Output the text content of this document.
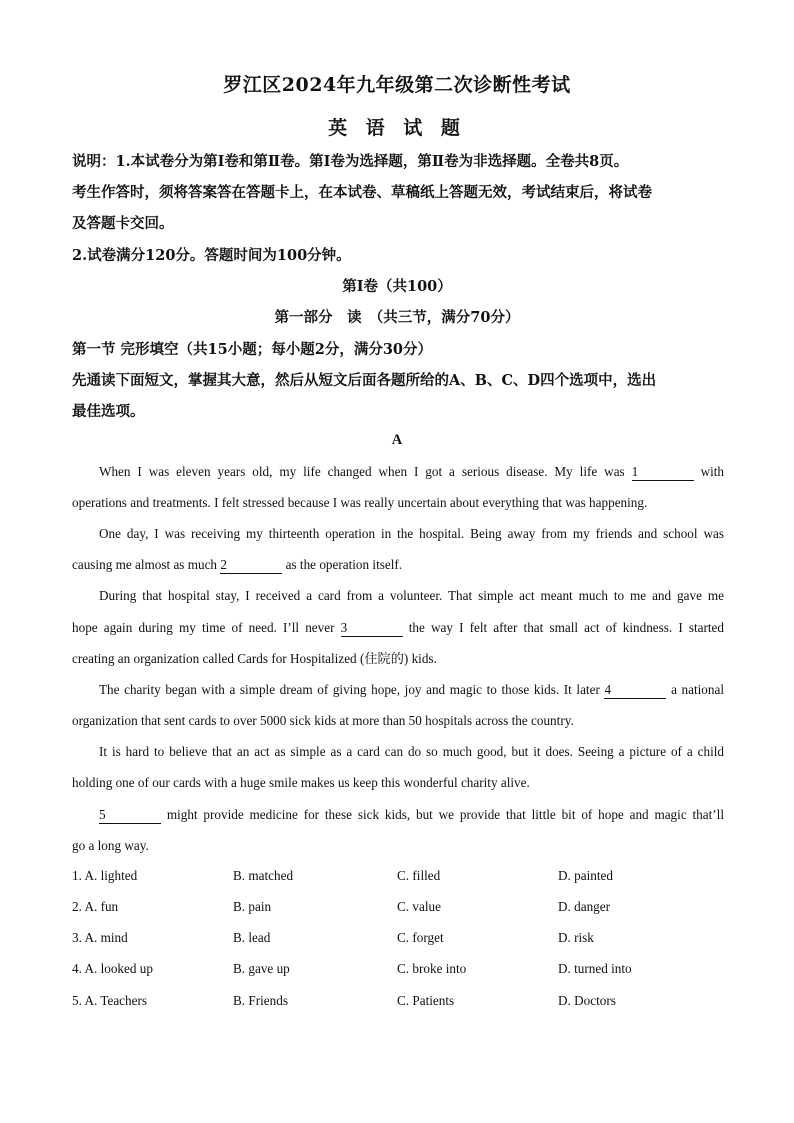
罗江区2024年九年级第二次诊断性考试
英 语 试 题
说明：1.本试卷分为第Ⅰ卷和第Ⅱ卷。第Ⅰ卷为选择题，第Ⅱ卷为非选择题。全卷共8页。
考生作答时，须将答案答在答题卡上，在本试卷、草稿纸上答题无效，考试结束后，将试卷
及答题卡交回。
2.试卷满分120分。答题时间为100分钟。
第Ⅰ卷（共100）
第一部分　读　（共三节，满分70分）
第一节 完形填空（共15小题；每小题2分，满分30分）
先通读下面短文，掌握其大意，然后从短文后面各题所给的A、B、C、D四个选项中，选出
最佳选项。
A
When I was eleven years old, my life changed when I got a serious disease. My life was 1	with
operations and treatments. I felt stressed because I was really uncertain about everything that was happening.
One day, I was receiving my thirteenth operation in the hospital. Being away from my friends and school was
causing me almost as much 2	as the operation itself.
During that hospital stay, I received a card from a volunteer. That simple act meant much to me and gave me
hope again during my time of need. I’ll never 3	the way I felt after that small act of kindness. I started
creating an organization called Cards for Hospitalized (住院的) kids.
The charity began with a simple dream of giving hope, joy and magic to those kids. It later 4	a national
organization that sent cards to over 5000 sick kids at more than 50 hospitals across the country.
It is hard to believe that an act as simple as a card can do so much good, but it does. Seeing a picture of a child
holding one of our cards with a huge smile makes us keep this wonderful charity alive.
5	might provide medicine for these sick kids, but we provide that little bit of hope and magic that’ll
go a long way.
1. A. lighted	B. matched	C. filled	D. painted
2. A. fun	B. pain	C. value	D. danger
3. A. mind	B. lead	C. forget	D. risk
4. A. looked up	B. gave up	C. broke into	D. turned into
5. A. Teachers	B. Friends	C. Patients	D. Doctors
